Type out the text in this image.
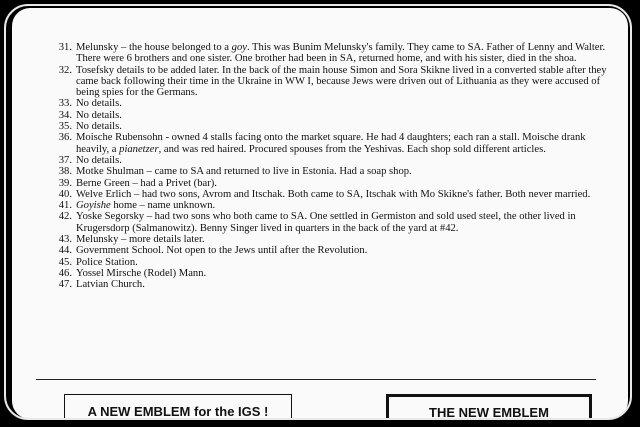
31. Melunsky – the house belonged to a goy. This was Bunim Melunsky's family. They came to SA. Father of Lenny and Walter. There were 6 brothers and one sister. One brother had been in SA, returned home, and with his sister, died in the shoa.
32. Tosefsky details to be added later. In the back of the main house Simon and Sora Skikne lived in a converted stable after they came back following their time in the Ukraine in WW I, because Jews were driven out of Lithuania as they were accused of being spies for the Germans.
33. No details.
34. No details.
35. No details.
36. Moische Rubensohn - owned 4 stalls facing onto the market square. He had 4 daughters; each ran a stall. Moische drank heavily, a pianetzer, and was red haired. Procured spouses from the Yeshivas. Each shop sold different articles.
37. No details.
38. Motke Shulman – came to SA and returned to live in Estonia. Had a soap shop.
39. Berne Green – had a Privet (bar).
40. Welve Erlich – had two sons, Avrom and Itschak. Both came to SA, Itschak with Mo Skikne's father. Both never married.
41. Goyishe home – name unknown.
42. Yoske Segorsky – had two sons who both came to SA. One settled in Germiston and sold used steel, the other lived in Krugersdorp (Salmanowitz). Benny Singer lived in quarters in the back of the yard at #42.
43. Melunsky – more details later.
44. Government School. Not open to the Jews until after the Revolution.
45. Police Station.
46. Yossel Mirsche (Rodel) Mann.
47. Latvian Church.
A NEW EMBLEM for the IGS !	THE NEW EMBLEM
